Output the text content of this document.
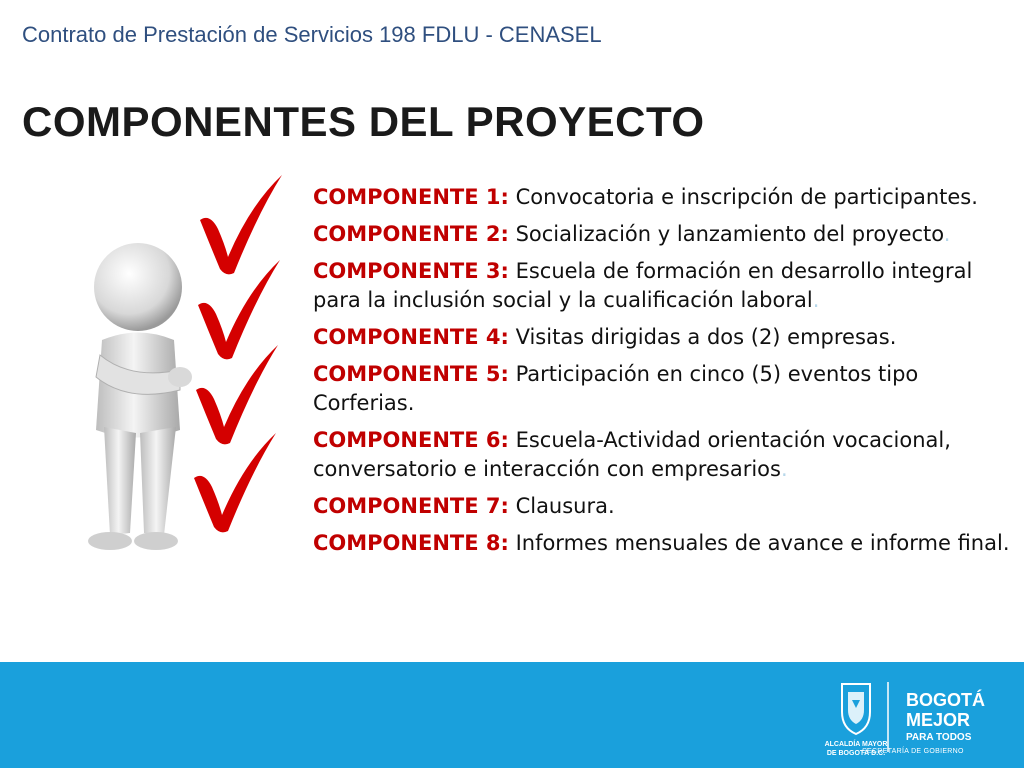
Contrato de Prestación de Servicios 198 FDLU - CENASEL
COMPONENTES DEL PROYECTO
COMPONENTE 1: Convocatoria e inscripción de participantes.
COMPONENTE 2: Socialización y lanzamiento del proyecto.
COMPONENTE 3: Escuela de formación en desarrollo integral para la inclusión social y la cualificación laboral.
COMPONENTE 4: Visitas dirigidas a dos (2) empresas.
COMPONENTE 5: Participación en cinco (5) eventos tipo Corferias.
COMPONENTE 6: Escuela-Actividad orientación vocacional, conversatorio e interacción con empresarios.
COMPONENTE 7: Clausura.
COMPONENTE 8: Informes mensuales de avance e informe final.
ALCALDÍA MAYOR
DE BOGOTÁ D.C.
BOGOTÁ
MEJOR
PARA TODOS
SECRETARÍA DE GOBIERNO
